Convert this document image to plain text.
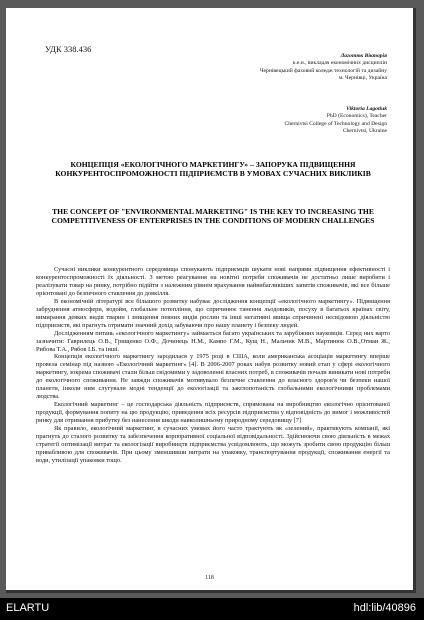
УДК 338.436
Лаготюк Вікторія
к.е.н., викладач економічних дисциплін
Чернівецький фаховий коледж технологій та дизайну
м. Чернівці, Україна
Viktoria Lagotiuk
PhD (Economics), Teacher
Chernivtsi College of Technology and Design
Chernivtsi, Ukraine
КОНЦЕПЦІЯ «ЕКОЛОГІЧНОГО МАРКЕТИНГУ» – ЗАПОРУКА ПІДВИЩЕННЯ КОНКУРЕНТОСПРОМОЖНОСТІ ПІДПРИЄМСТВ В УМОВАХ СУЧАСНИХ ВИКЛИКІВ
THE CONCEPT OF "ENVIRONMENTAL MARKETING" IS THE KEY TO INCREASING THE COMPETITIVENESS OF ENTERPRISES IN THE CONDITIONS OF MODERN CHALLENGES

Сучасні виклики конкурентного середовища спонукають підприємців шукати нові напрями підвищення ефективності і конкурентоспроможності їх діяльності. З метою реагування на новітні потреби споживачів не достатньо лише виробити і реалізувати товар на ринку, потрібно підійти з належним рівнем врахування найвибагливіших запитів споживачів, які все більше орієнтовані до безпечного ставлення до довкілля.

В економічній літературі все більшого розвитку набуває дослідження концепції «екологічного маркетингу». Підвищення забруднення атмосфери, водойм, глобальне потепління, що спричинює танення льодовиків, посуху в багатьох країнах світу, вимирання деяких видів тварин і знищення певних видів рослин та інші негативні явища спричинені несвідомою діяльністю підприємств, які прагнуть отримати значний дохід забуваючи про нашу планету і безпеку людей.

Дослідженням питань «екологічного маркетингу» займається багато українських та зарубіжних науковців. Серед них варто зазначити: Гаврилець О.В., Грищенко О.Ф., Дочинець Н.М., Кампо Г.М., Кущ Н., Мальчик М.В., Мартинюк О.В.,Отмаи Ж., Рибова Т.А., Рябов І.Б. та інші.

Концепція екологічного маркетингу зародилася у 1975 році в США, коли американська асоціація маркетингу вперше провела семінар під назвою «Екологічний маркетинг» [4]. В 2006-2007 роках набув розвитку новий етап у сфері екологічного маркетингу, зокрема споживачі стали більш свідомими у задоволенні власних потреб, в споживачів почали виникати нові потреби до екологічного споживання. Не завжди споживачів мотивувало безпечне ставлення до власного здоров'я чи безпеки нашої планети, інколи ним слугували модні тенденції до екологізації та закглопотаність глобальними екологічними проблемами людства.

Екологічний маркетинг – це господарська діяльність підприємств, спрямована на виробництво екологічно орієнтованої продукції, формування попиту на цю продукцію, приведення всіх ресурсів підприємства у відповідність до вимог і можливостей ринку для отримання прибутку без нанесення шкоди навколишньому природному середовищу [7]

Як правило, екологічний маркетинг, в сучасних умовах його часто трактують як «зелений», практикують компанії, які прагнуть до сталого розвитку та забезпечення корпоративної соціальної відповідальності. Здійснюючи свою діяльність в межах стратегії оптимізації витрат та екологізації виробництв підприємства усвідомлюють, що можуть зробити свою продукцію більш привабливою для споживачів. При цьому зменшивши витрати на упаковку, транспортування продукції, споживання енергії та води, утилізації упаковки тощо.

118
ELARTU	hdl:lib/40896
